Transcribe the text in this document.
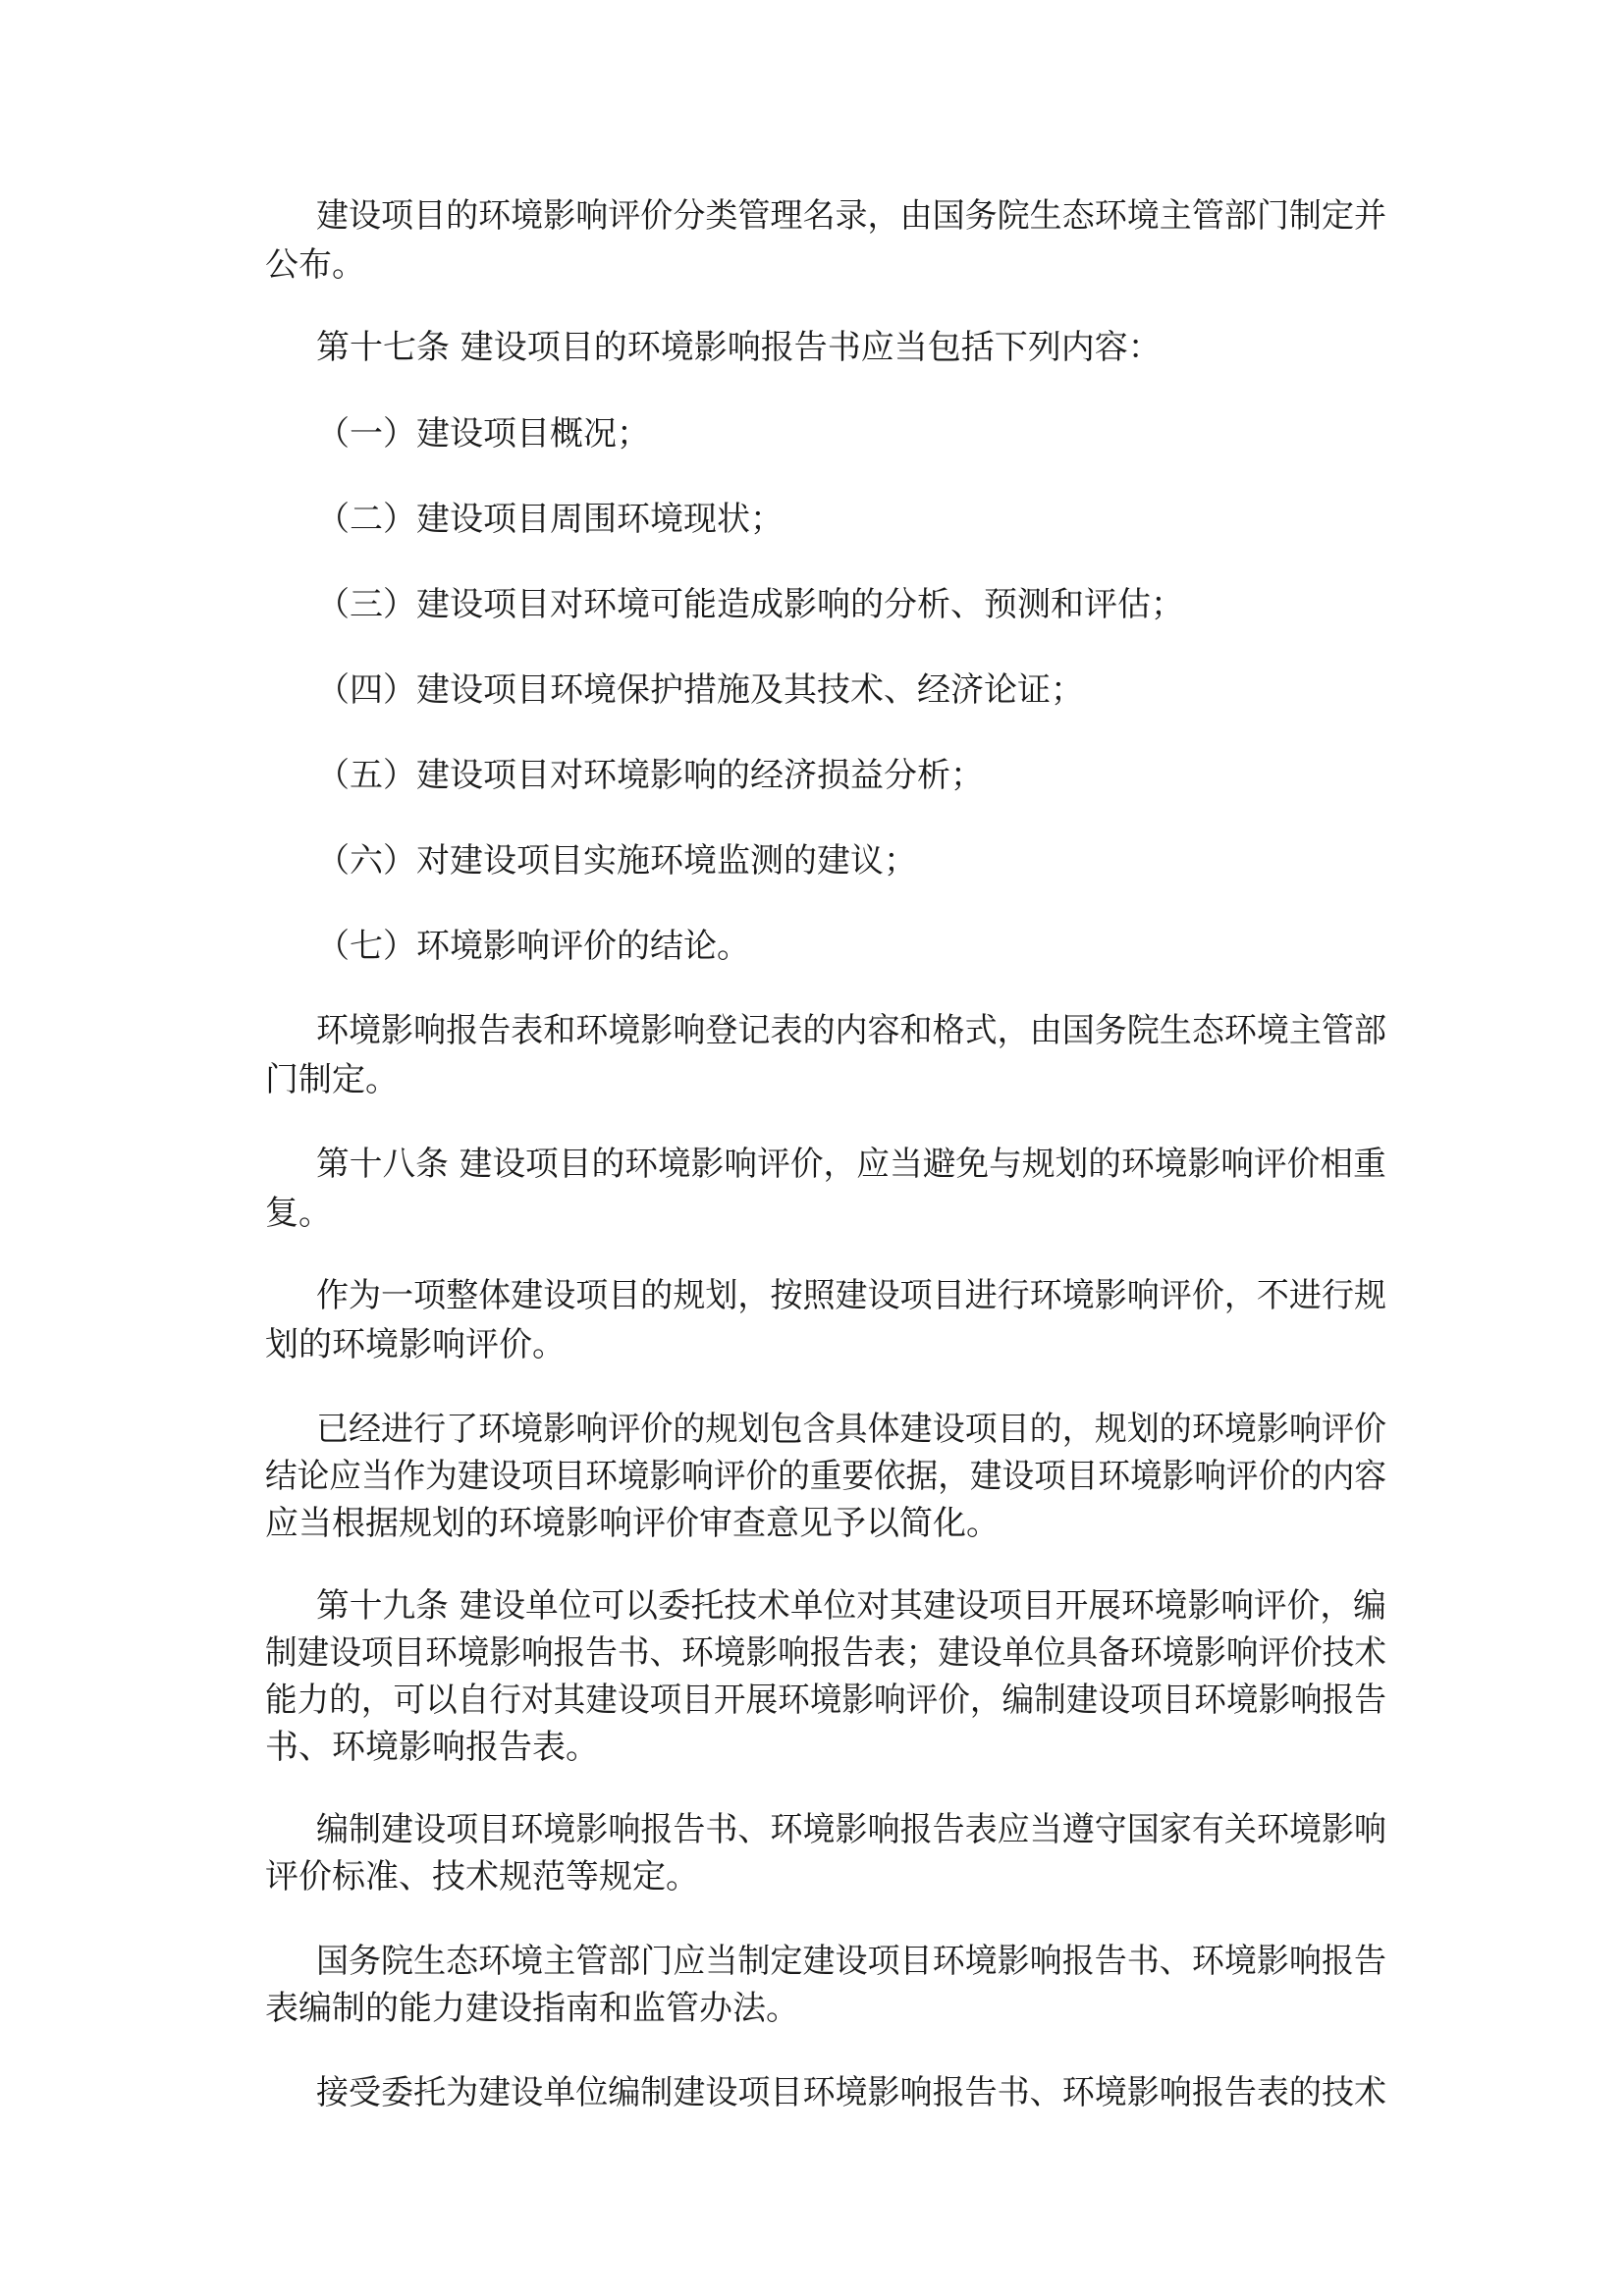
建设项目的环境影响评价分类管理名录，由国务院生态环境主管部门制定并
公布。
第十七条 建设项目的环境影响报告书应当包括下列内容：
（一）建设项目概况；
（二）建设项目周围环境现状；
（三）建设项目对环境可能造成影响的分析、预测和评估；
（四）建设项目环境保护措施及其技术、经济论证；
（五）建设项目对环境影响的经济损益分析；
（六）对建设项目实施环境监测的建议；
（七）环境影响评价的结论。
环境影响报告表和环境影响登记表的内容和格式，由国务院生态环境主管部
门制定。
第十八条 建设项目的环境影响评价，应当避免与规划的环境影响评价相重
复。
作为一项整体建设项目的规划，按照建设项目进行环境影响评价，不进行规
划的环境影响评价。
已经进行了环境影响评价的规划包含具体建设项目的，规划的环境影响评价
结论应当作为建设项目环境影响评价的重要依据，建设项目环境影响评价的内容
应当根据规划的环境影响评价审查意见予以简化。
第十九条 建设单位可以委托技术单位对其建设项目开展环境影响评价，编
制建设项目环境影响报告书、环境影响报告表；建设单位具备环境影响评价技术
能力的，可以自行对其建设项目开展环境影响评价，编制建设项目环境影响报告
书、环境影响报告表。
编制建设项目环境影响报告书、环境影响报告表应当遵守国家有关环境影响
评价标准、技术规范等规定。
国务院生态环境主管部门应当制定建设项目环境影响报告书、环境影响报告
表编制的能力建设指南和监管办法。
接受委托为建设单位编制建设项目环境影响报告书、环境影响报告表的技术
